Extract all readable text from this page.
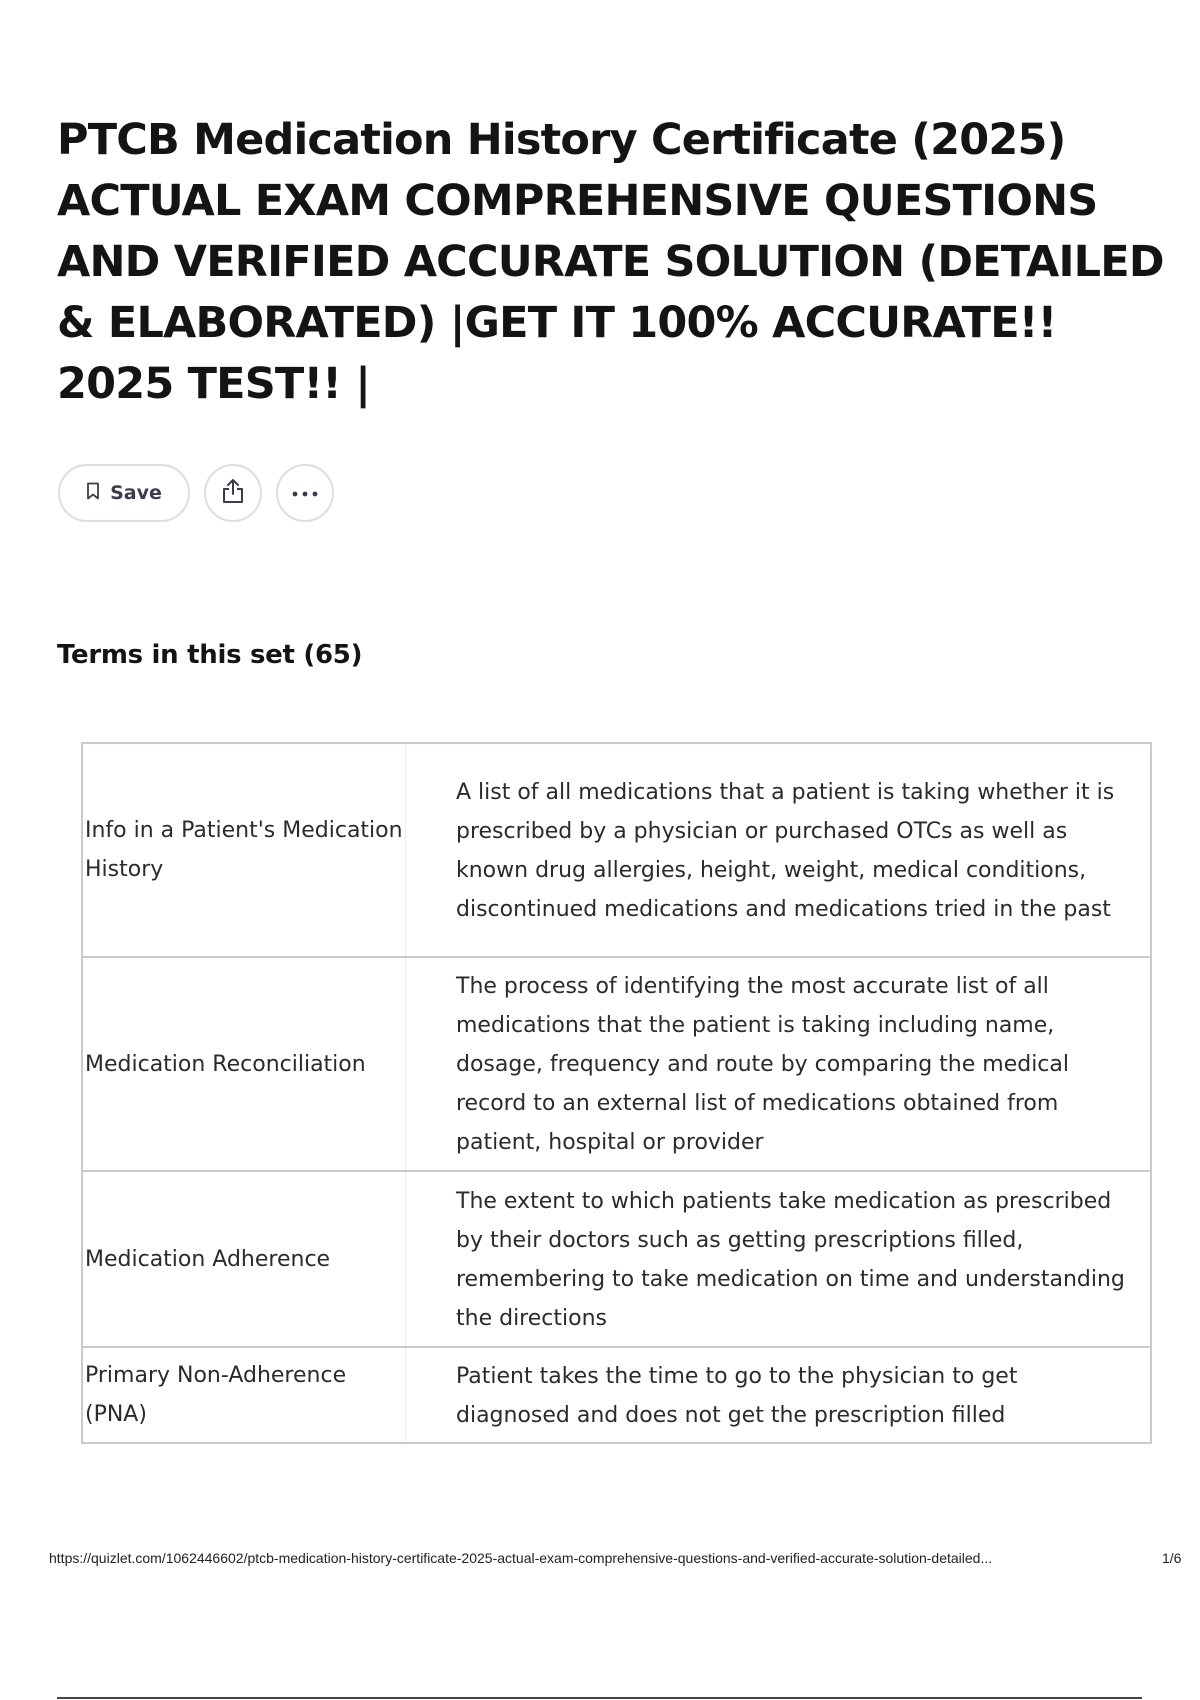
PTCB Medication History Certificate (2025) ACTUAL EXAM COMPREHENSIVE QUESTIONS AND VERIFIED ACCURATE SOLUTION (DETAILED & ELABORATED) |GET IT 100% ACCURATE!! 2025 TEST!! |
Save
Terms in this set (65)
Info in a Patient's Medication History	A list of all medications that a patient is taking whether it is prescribed by a physician or purchased OTCs as well as known drug allergies, height, weight, medical conditions, discontinued medications and medications tried in the past
Medication Reconciliation	The process of identifying the most accurate list of all medications that the patient is taking including name, dosage, frequency and route by comparing the medical record to an external list of medications obtained from patient, hospital or provider
Medication Adherence	The extent to which patients take medication as prescribed by their doctors such as getting prescriptions filled, remembering to take medication on time and understanding the directions
Primary Non-Adherence (PNA)	Patient takes the time to go to the physician to get diagnosed and does not get the prescription filled
https://quizlet.com/1062446602/ptcb-medication-history-certificate-2025-actual-exam-comprehensive-questions-and-verified-accurate-solution-detailed...	1/6
